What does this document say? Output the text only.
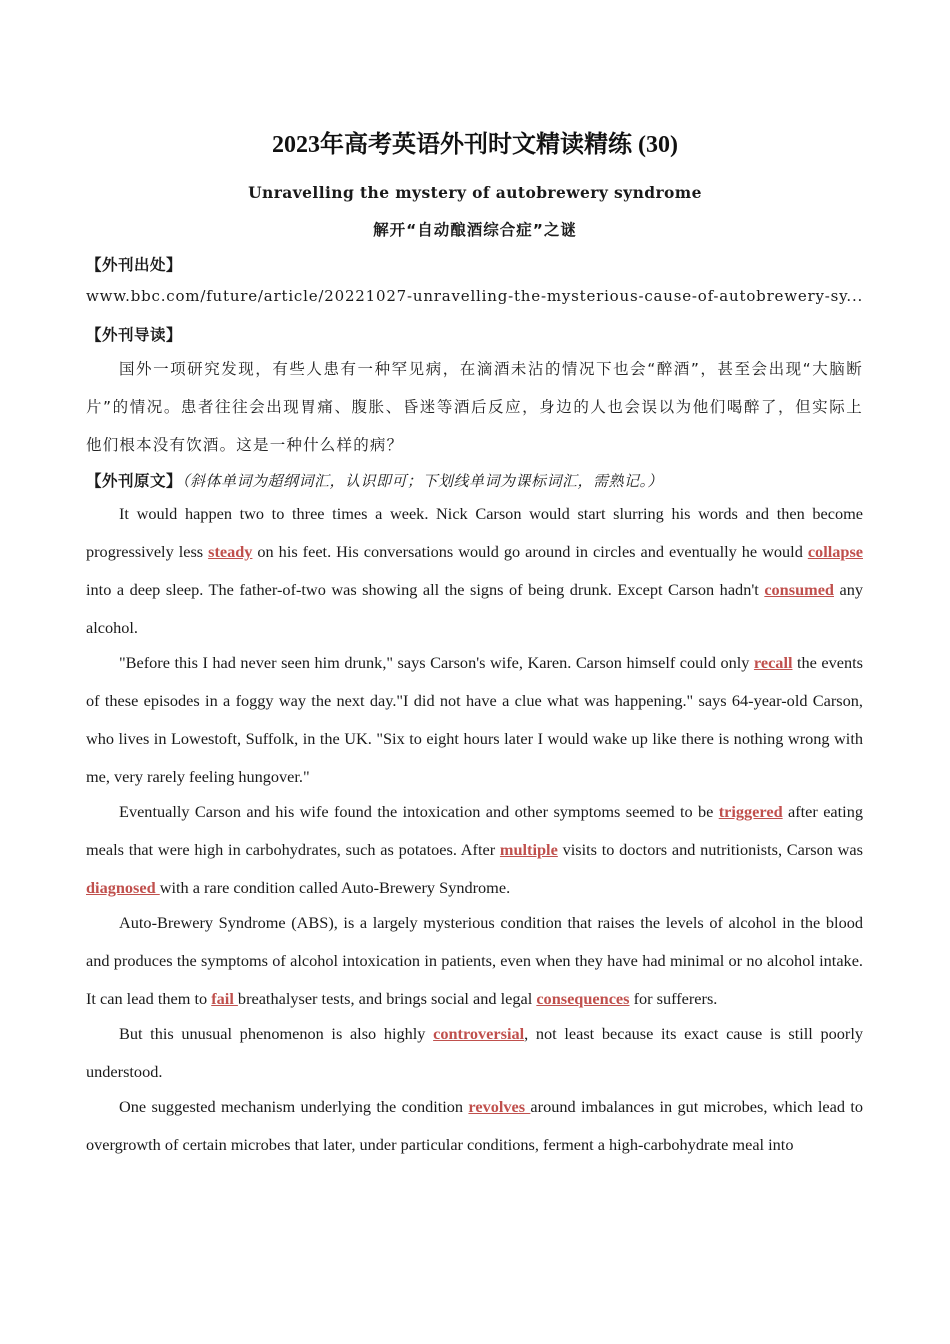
2023年高考英语外刊时文精读精练 (30)
Unravelling the mystery of autobrewery syndrome
解开“自动酿酒综合症”之谜
【外刊出处】
www.bbc.com/future/article/20221027-unravelling-the-mysterious-cause-of-autobrewery-sy...
【外刊导读】

国外一项研究发现，有些人患有一种罕见病，在滴酒未沾的情况下也会“醉酒”，甚至会出现“大脑断片”的情况。患者往往会出现胃痛、腹胀、昏迷等酒后反应，身边的人也会误以为他们喝醉了，但实际上他们根本没有饮酒。这是一种什么样的病？

【外刊原文】（斜体单词为超纲词汇，认识即可；下划线单词为课标词汇，需熟记。）

It would happen two to three times a week. Nick Carson would start slurring his words and then become progressively less steady on his feet. His conversations would go around in circles and eventually he would collapse into a deep sleep. The father-of-two was showing all the signs of being drunk. Except Carson hadn't consumed any alcohol.

"Before this I had never seen him drunk," says Carson's wife, Karen. Carson himself could only recall the events of these episodes in a foggy way the next day."I did not have a clue what was happening." says 64-year-old Carson, who lives in Lowestoft, Suffolk, in the UK. "Six to eight hours later I would wake up like there is nothing wrong with me, very rarely feeling hungover."

Eventually Carson and his wife found the intoxication and other symptoms seemed to be triggered after eating meals that were high in carbohydrates, such as potatoes. After multiple visits to doctors and nutritionists, Carson was diagnosed with a rare condition called Auto-Brewery Syndrome.

Auto-Brewery Syndrome (ABS), is a largely mysterious condition that raises the levels of alcohol in the blood and produces the symptoms of alcohol intoxication in patients, even when they have had minimal or no alcohol intake. It can lead them to fail breathalyser tests, and brings social and legal consequences for sufferers.

But this unusual phenomenon is also highly controversial, not least because its exact cause is still poorly understood.

One suggested mechanism underlying the condition revolves around imbalances in gut microbes, which lead to overgrowth of certain microbes that later, under particular conditions, ferment a high-carbohydrate meal into
